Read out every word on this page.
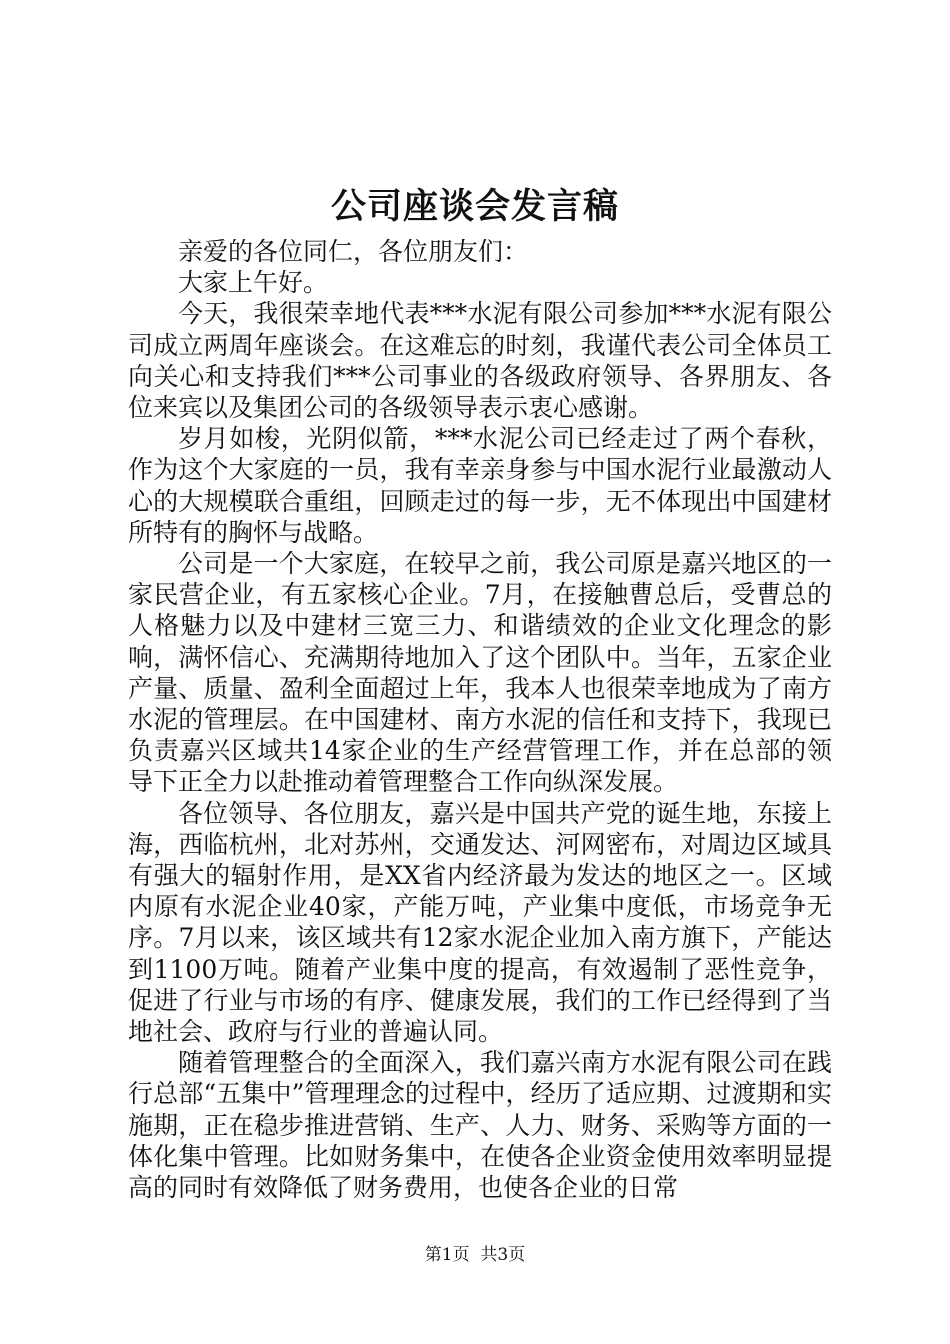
公司座谈会发言稿

亲爱的各位同仁，各位朋友们：

大家上午好。

今天，我很荣幸地代表***水泥有限公司参加***水泥有限公司成立两周年座谈会。在这难忘的时刻，我谨代表公司全体员工向关心和支持我们***公司事业的各级政府领导、各界朋友、各位来宾以及集团公司的各级领导表示衷心感谢。

岁月如梭，光阴似箭，***水泥公司已经走过了两个春秋，作为这个大家庭的一员，我有幸亲身参与中国水泥行业最激动人心的大规模联合重组，回顾走过的每一步，无不体现出中国建材所特有的胸怀与战略。

公司是一个大家庭，在较早之前，我公司原是嘉兴地区的一家民营企业，有五家核心企业。7月，在接触曹总后，受曹总的人格魅力以及中建材三宽三力、和谐绩效的企业文化理念的影响，满怀信心、充满期待地加入了这个团队中。当年，五家企业产量、质量、盈利全面超过上年，我本人也很荣幸地成为了南方水泥的管理层。在中国建材、南方水泥的信任和支持下，我现已负责嘉兴区域共14家企业的生产经营管理工作，并在总部的领导下正全力以赴推动着管理整合工作向纵深发展。

各位领导、各位朋友，嘉兴是中国共产党的诞生地，东接上海，西临杭州，北对苏州，交通发达、河网密布，对周边区域具有强大的辐射作用，是XX省内经济最为发达的地区之一。区域内原有水泥企业40家，产能万吨，产业集中度低，市场竞争无序。7月以来，该区域共有12家水泥企业加入南方旗下，产能达到1100万吨。随着产业集中度的提高，有效遏制了恶性竞争，促进了行业与市场的有序、健康发展，我们的工作已经得到了当地社会、政府与行业的普遍认同。

随着管理整合的全面深入，我们嘉兴南方水泥有限公司在践行总部“五集中”管理理念的过程中，经历了适应期、过渡期和实施期，正在稳步推进营销、生产、人力、财务、采购等方面的一体化集中管理。比如财务集中，在使各企业资金使用效率明显提高的同时有效降低了财务费用，也使各企业的日常

第1页 共3页
